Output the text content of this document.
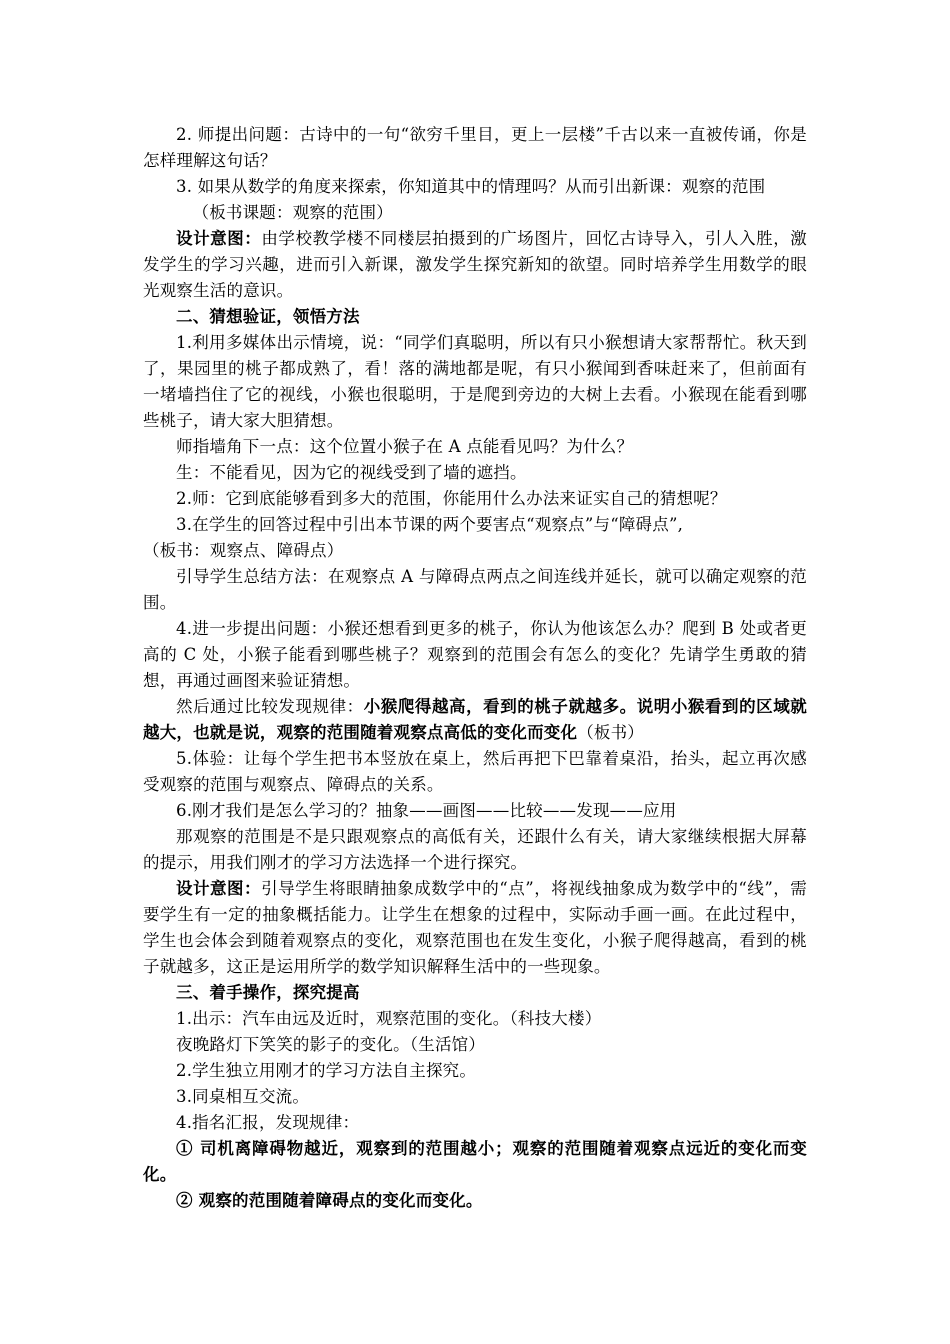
2. 师提出问题：古诗中的一句“欲穷千里目，更上一层楼”千古以来一直被传诵，你是怎样理解这句话？

3. 如果从数学的角度来探索，你知道其中的情理吗？从而引出新课：观察的范围

（板书课题：观察的范围）

设计意图：由学校教学楼不同楼层拍摄到的广场图片，回忆古诗导入，引人入胜，激发学生的学习兴趣，进而引入新课，激发学生探究新知的欲望。同时培养学生用数学的眼光观察生活的意识。

二、猜想验证，领悟方法

1.利用多媒体出示情境，说：“同学们真聪明，所以有只小猴想请大家帮帮忙。秋天到了，果园里的桃子都成熟了，看！落的满地都是呢，有只小猴闻到香味赶来了，但前面有一堵墙挡住了它的视线，小猴也很聪明，于是爬到旁边的大树上去看。小猴现在能看到哪些桃子，请大家大胆猜想。

师指墙角下一点：这个位置小猴子在 A 点能看见吗？为什么？

生：不能看见，因为它的视线受到了墙的遮挡。

2.师：它到底能够看到多大的范围，你能用什么办法来证实自己的猜想呢？

3.在学生的回答过程中引出本节课的两个要害点“观察点”与“障碍点”,

（板书：观察点、障碍点）

引导学生总结方法：在观察点 A 与障碍点两点之间连线并延长，就可以确定观察的范围。

4.进一步提出问题：小猴还想看到更多的桃子，你认为他该怎么办？爬到 B 处或者更高的 C 处，小猴子能看到哪些桃子？观察到的范围会有怎么的变化？先请学生勇敢的猜想，再通过画图来验证猜想。

然后通过比较发现规律：小猴爬得越高，看到的桃子就越多。说明小猴看到的区域就越大，也就是说，观察的范围随着观察点高低的变化而变化（板书）

5.体验：让每个学生把书本竖放在桌上，然后再把下巴靠着桌沿，抬头，起立再次感受观察的范围与观察点、障碍点的关系。

6.刚才我们是怎么学习的？抽象——画图——比较——发现——应用

那观察的范围是不是只跟观察点的高低有关，还跟什么有关，请大家继续根据大屏幕的提示，用我们刚才的学习方法选择一个进行探究。

设计意图：引导学生将眼睛抽象成数学中的“点”，将视线抽象成为数学中的“线”，需要学生有一定的抽象概括能力。让学生在想象的过程中，实际动手画一画。在此过程中，学生也会体会到随着观察点的变化，观察范围也在发生变化，小猴子爬得越高，看到的桃子就越多，这正是运用所学的数学知识解释生活中的一些现象。

三、着手操作，探究提高

1.出示：汽车由远及近时，观察范围的变化。（科技大楼）

夜晚路灯下笑笑的影子的变化。（生活馆）

2.学生独立用刚才的学习方法自主探究。

3.同桌相互交流。

4.指名汇报，发现规律：

① 司机离障碍物越近，观察到的范围越小；观察的范围随着观察点远近的变化而变化。

② 观察的范围随着障碍点的变化而变化。
